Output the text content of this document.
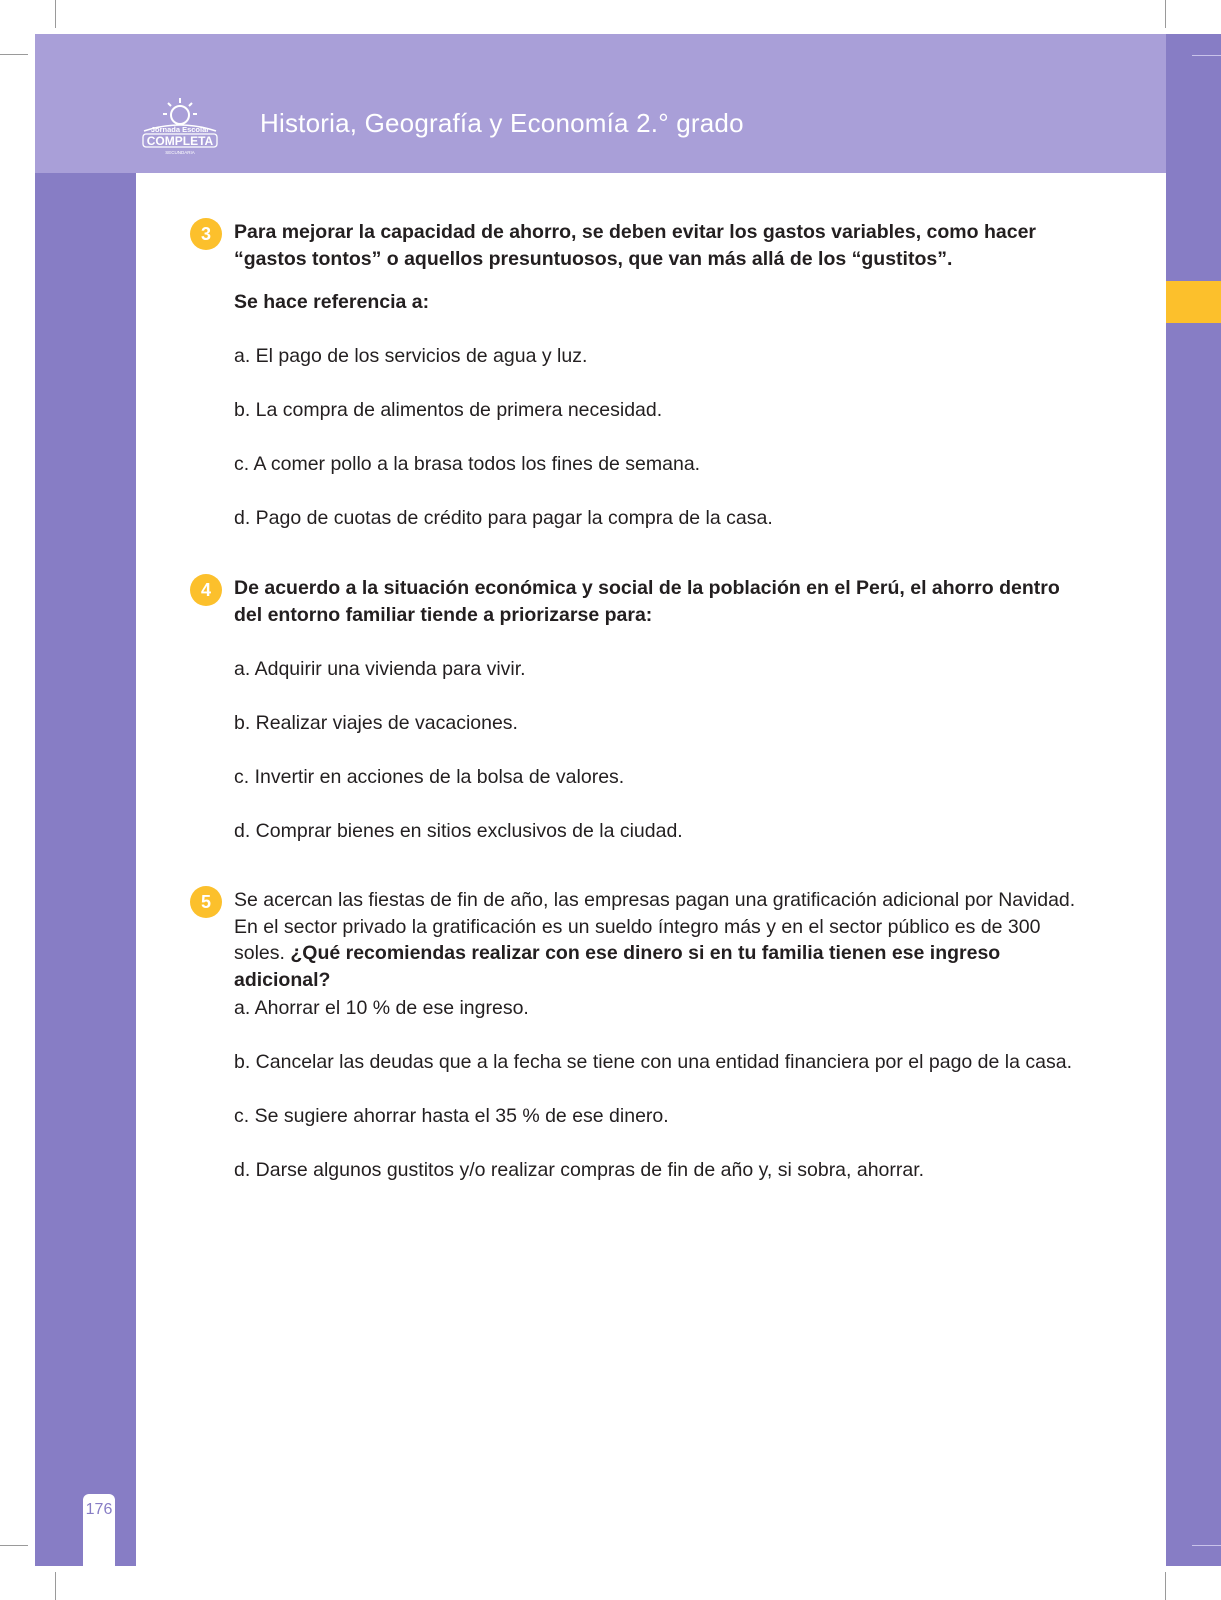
Jornada Escolar
COMPLETA
SECUNDARIA
Historia, Geografía y Economía 2.° grado
176
3	Para mejorar la capacidad de ahorro, se deben evitar los gastos variables, como hacer “gastos tontos” o aquellos presuntuosos, que van más allá de los “gustitos”.
Se hace referencia a:
a. El pago de los servicios de agua y luz.
b. La compra de alimentos de primera necesidad.
c. A comer pollo a la brasa todos los fines de semana.
d. Pago de cuotas de crédito para pagar la compra de la casa.
4	De acuerdo a la situación económica y social de la población en el Perú, el ahorro dentro del entorno familiar tiende a priorizarse para:
a. Adquirir una vivienda para vivir.
b. Realizar viajes de vacaciones.
c. Invertir en acciones de la bolsa de valores.
d. Comprar bienes en sitios exclusivos de la ciudad.
5	Se acercan las fiestas de fin de año, las empresas pagan una gratificación adicional por Navidad. En el sector privado la gratificación es un sueldo íntegro más y en el sector público es de 300 soles. ¿Qué recomiendas realizar con ese dinero si en tu familia tienen ese ingreso adicional?
a. Ahorrar el 10 % de ese ingreso.
b. Cancelar las deudas que a la fecha se tiene con una entidad financiera por el pago de la casa.
c. Se sugiere ahorrar hasta el 35 % de ese dinero.
d. Darse algunos gustitos y/o realizar compras de fin de año y, si sobra, ahorrar.
